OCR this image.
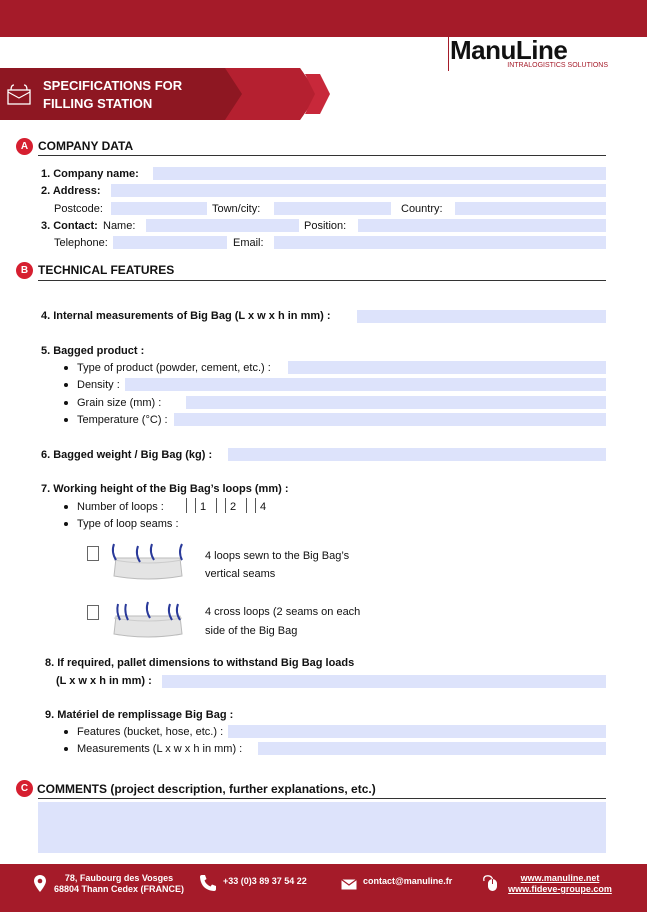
ManuLine
INTRALOGISTICS SOLUTIONS
SPECIFICATIONS FOR
FILLING STATION
A COMPANY DATA
1. Company name:
2. Address:
Postcode:	Town/city:	Country:
3. Contact: Name:	Position:
Telephone:	Email:
B TECHNICAL FEATURES
4. Internal measurements of Big Bag (L x w x h in mm) :
5. Bagged product :
Type of product (powder, cement, etc.) :
Density :
Grain size (mm) :
Temperature (°C) :
6. Bagged weight / Big Bag (kg) :
7. Working height of the Big Bag’s loops (mm) :
Number of loops :	1 2 4
Type of loop seams :
4 loops sewn to the Big Bag’s
vertical seams
4 cross loops (2 seams on each
side of the Big Bag
8. If required, pallet dimensions to withstand Big Bag loads
(L x w x h in mm) :
9. Matériel de remplissage Big Bag :
Features (bucket, hose, etc.) :
Measurements (L x w x h in mm) :
C COMMENTS (project description, further explanations, etc.)
78, Faubourg des Vosges
68804 Thann Cedex (FRANCE)
+33 (0)3 89 37 54 22	contact@manuline.fr	www.manuline.net
www.fideve-groupe.com
